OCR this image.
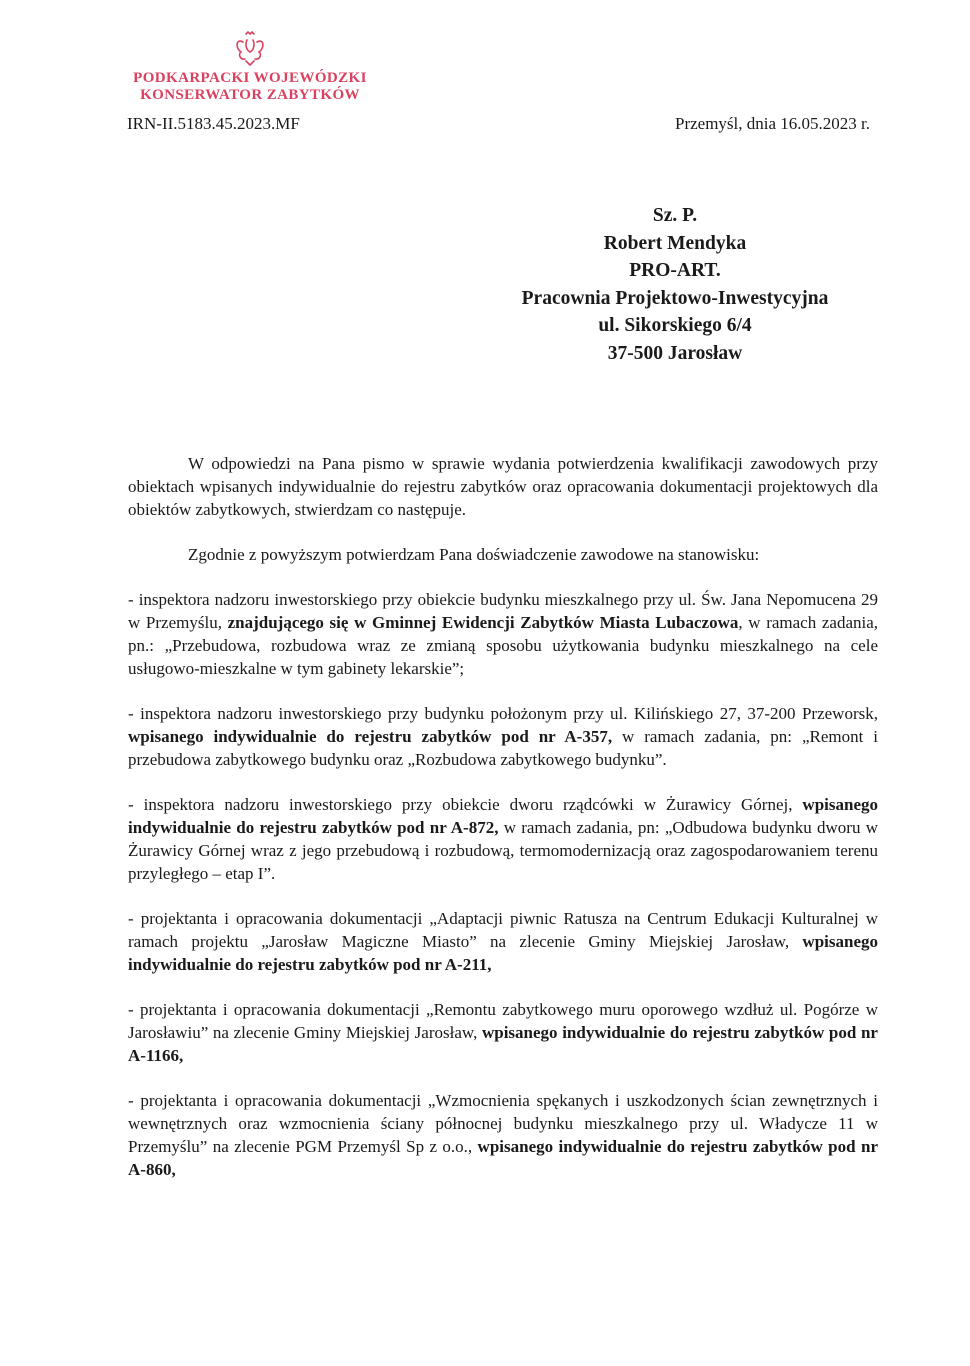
PODKARPACKI WOJEWÓDZKI
KONSERWATOR ZABYTKÓW
IRN-II.5183.45.2023.MF	Przemyśl, dnia 16.05.2023 r.
Sz. P.
Robert Mendyka
PRO-ART.
Pracownia Projektowo-Inwestycyjna
ul. Sikorskiego 6/4
37-500 Jarosław

W odpowiedzi na Pana pismo w sprawie wydania potwierdzenia kwalifikacji zawodowych przy obiektach wpisanych indywidualnie do rejestru zabytków oraz opracowania dokumentacji projektowych dla obiektów zabytkowych, stwierdzam co następuje.

Zgodnie z powyższym potwierdzam Pana doświadczenie zawodowe na stanowisku:

- inspektora nadzoru inwestorskiego przy obiekcie budynku mieszkalnego przy ul. Św. Jana Nepomucena 29 w Przemyślu, znajdującego się w Gminnej Ewidencji Zabytków Miasta Lubaczowa, w ramach zadania, pn.: „Przebudowa, rozbudowa wraz ze zmianą sposobu użytkowania budynku mieszkalnego na cele usługowo-mieszkalne w tym gabinety lekarskie”;

- inspektora nadzoru inwestorskiego przy budynku położonym przy ul. Kilińskiego 27, 37-200 Przeworsk, wpisanego indywidualnie do rejestru zabytków pod nr A-357, w ramach zadania, pn: „Remont i przebudowa zabytkowego budynku oraz „Rozbudowa zabytkowego budynku”.

- inspektora nadzoru inwestorskiego przy obiekcie dworu rządcówki w Żurawicy Górnej, wpisanego indywidualnie do rejestru zabytków pod nr A-872, w ramach zadania, pn: „Odbudowa budynku dworu w Żurawicy Górnej wraz z jego przebudową i rozbudową, termomodernizacją oraz zagospodarowaniem terenu przyległego – etap I”.

- projektanta i opracowania dokumentacji „Adaptacji piwnic Ratusza na Centrum Edukacji Kulturalnej w ramach projektu „Jarosław Magiczne Miasto” na zlecenie Gminy Miejskiej Jarosław, wpisanego indywidualnie do rejestru zabytków pod nr A-211,

- projektanta i opracowania dokumentacji „Remontu zabytkowego muru oporowego wzdłuż ul. Pogórze w Jarosławiu” na zlecenie Gminy Miejskiej Jarosław, wpisanego indywidualnie do rejestru zabytków pod nr A-1166,

- projektanta i opracowania dokumentacji „Wzmocnienia spękanych i uszkodzonych ścian zewnętrznych i wewnętrznych oraz wzmocnienia ściany północnej budynku mieszkalnego przy ul. Władycze 11 w Przemyślu” na zlecenie PGM Przemyśl Sp z o.o., wpisanego indywidualnie do rejestru zabytków pod nr A-860,
